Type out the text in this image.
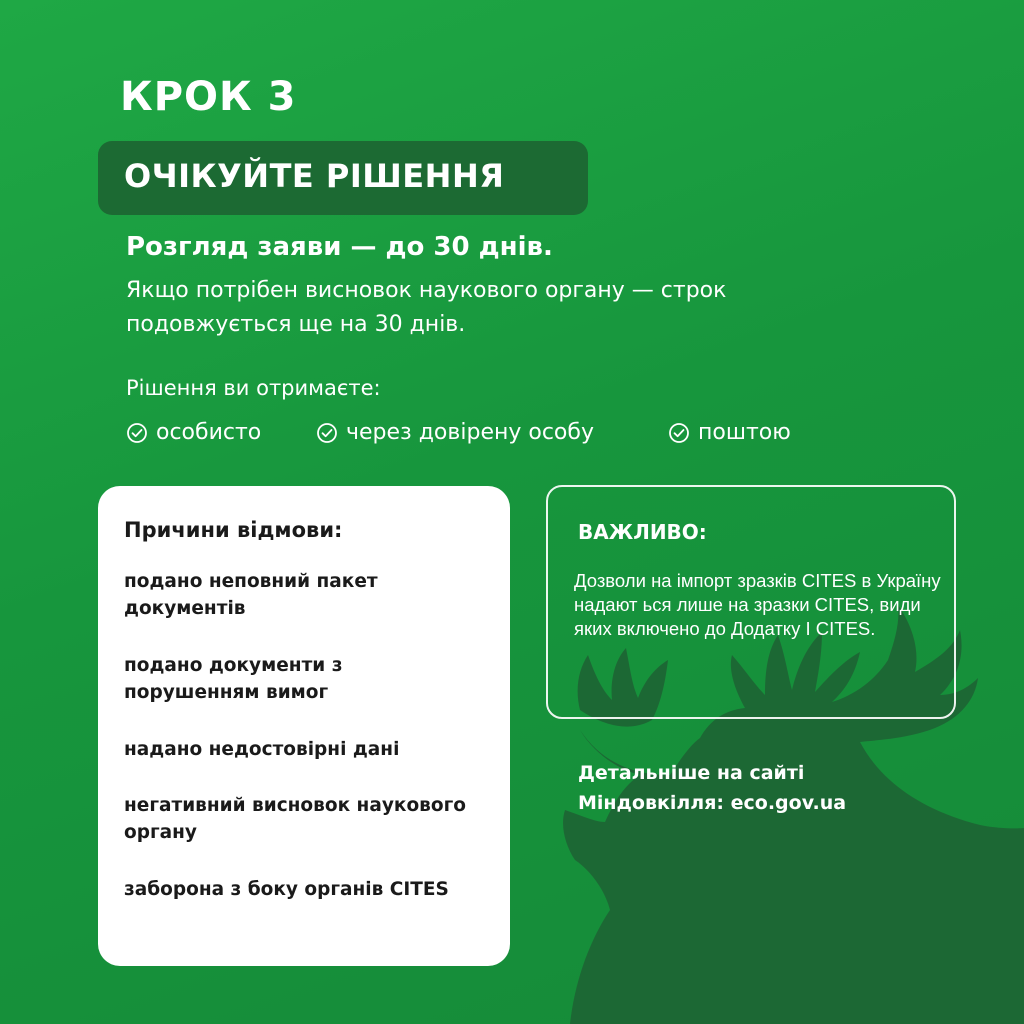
КРОК 3
ОЧІКУЙТЕ РІШЕННЯ
Розгляд заяви — до 30 днів.
Якщо потрібен висновок наукового органу — строк подовжується ще на 30 днів.
Рішення ви отримаєте:
особисто	через довірену особу	поштою
Причини відмови:
подано неповний пакет документів
подано документи з порушенням вимог
надано недостовірні дані
негативний висновок наукового органу
заборона з боку органів CITES
ВАЖЛИВО:
Дозволи на імпорт зразків CITES в Україну надают ься лише на зразки CITES, види яких включено до Додатку I CITES.
Детальніше на сайті
Міндовкілля: eco.gov.ua
